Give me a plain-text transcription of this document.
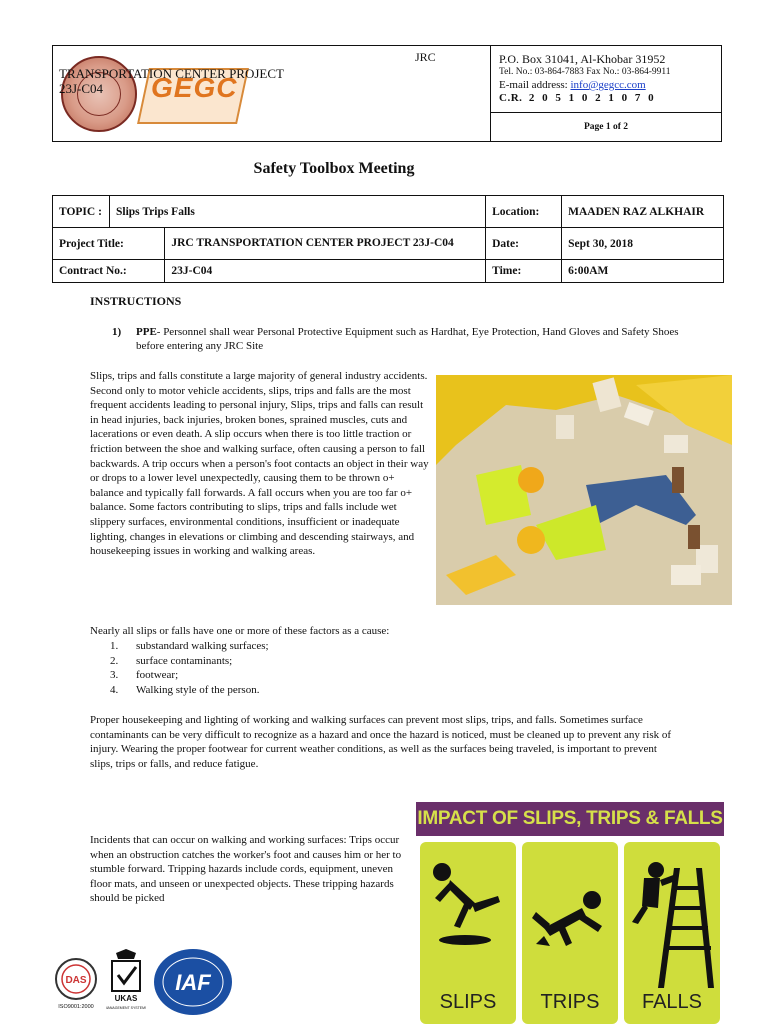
GEGC
JRC
TRANSPORTATION CENTER PROJECT
23J-C04
P.O. Box 31041, Al-Khobar 31952
Tel. No.: 03-864-7883 Fax No.: 03-864-9911
E-mail address: info@gegcc.com
C.R. 2 0 5 1 0 2 1 0 7 0
Page 1 of 2
Safety Toolbox Meeting
TOPIC :	Slips Trips Falls		Location:	MAADEN RAZ ALKHAIR
Project Title:		JRC TRANSPORTATION CENTER PROJECT 23J-C04	Date:	Sept 30, 2018
Contract No.:		23J-C04	Time:	6:00AM
INSTRUCTIONS
1) PPE- Personnel shall wear Personal Protective Equipment such as Hardhat, Eye Protection, Hand Gloves and Safety Shoes before entering any JRC Site
Slips, trips and falls constitute a large majority of general industry accidents. Second only to motor vehicle accidents, slips, trips and falls are the most frequent accidents leading to personal injury, Slips, trips and falls can result in head injuries, back injuries, broken bones, sprained muscles, cuts and lacerations or even death. A slip occurs when there is too little traction or friction between the shoe and walking surface, often causing a person to fall backwards. A trip occurs when a person's foot contacts an object in their way or drops to a lower level unexpectedly, causing them to be thrown o+ balance and typically fall forwards. A fall occurs when you are too far o+ balance. Some factors contributing to slips, trips and falls include wet slippery surfaces, environmental conditions, insufficient or inadequate lighting, changes in elevations or climbing and descending stairways, and housekeeping issues in working and walking areas.
Nearly all slips or falls have one or more of these factors as a cause:
1. substandard walking surfaces;
2. surface contaminants;
3. footwear;
4. Walking style of the person.
Proper housekeeping and lighting of working and walking surfaces can prevent most slips, trips, and falls. Sometimes surface contaminants can be very difficult to recognize as a hazard and once the hazard is noticed, must be cleaned up to prevent any risk of injury. Wearing the proper footwear for current weather conditions, as well as the surfaces being traveled, is important to prevent slips, trips or falls, and reduce fatigue.
Incidents that can occur on walking and working surfaces: Trips occur when an obstruction catches the worker's foot and causes him or her to stumble forward. Tripping hazards include cords, equipment, uneven floor mats, and unseen or unexpected objects. These tripping hazards should be picked
IMPACT OF SLIPS, TRIPS & FALLS
SLIPS	TRIPS	FALLS
DAS
ISO9001:2000
UKAS
MANAGEMENT SYSTEMS
IAF
